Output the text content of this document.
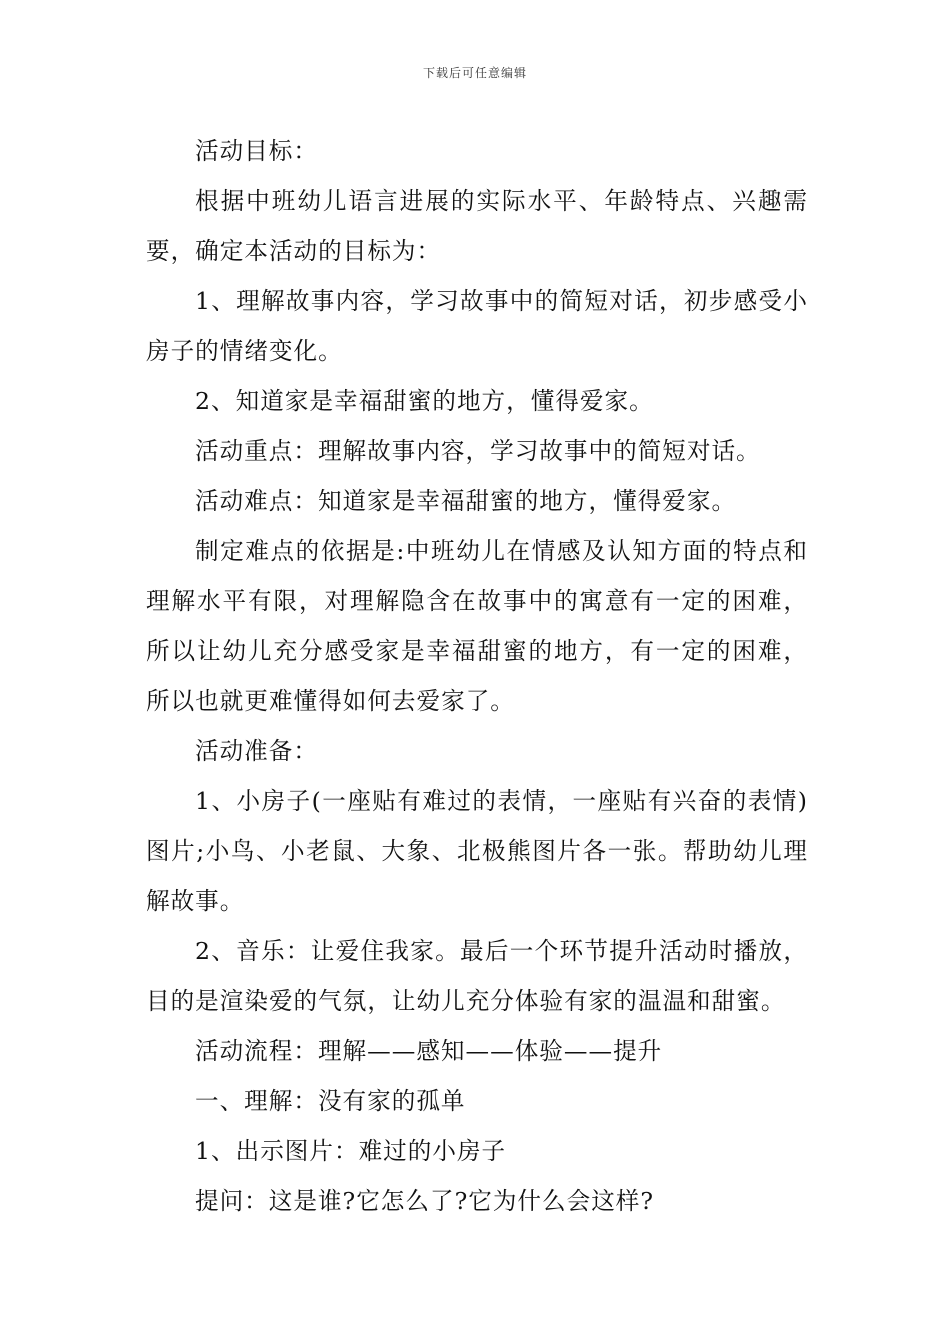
下载后可任意编辑

活动目标：

根据中班幼儿语言进展的实际水平、年龄特点、兴趣需要，确定本活动的目标为：

1、理解故事内容，学习故事中的简短对话，初步感受小房子的情绪变化。

2、知道家是幸福甜蜜的地方，懂得爱家。

活动重点：理解故事内容，学习故事中的简短对话。

活动难点：知道家是幸福甜蜜的地方，懂得爱家。

制定难点的依据是:中班幼儿在情感及认知方面的特点和理解水平有限，对理解隐含在故事中的寓意有一定的困难，所以让幼儿充分感受家是幸福甜蜜的地方，有一定的困难，所以也就更难懂得如何去爱家了。

活动准备：

1、小房子(一座贴有难过的表情，一座贴有兴奋的表情)图片;小鸟、小老鼠、大象、北极熊图片各一张。帮助幼儿理解故事。

2、音乐：让爱住我家。最后一个环节提升活动时播放，目的是渲染爱的气氛，让幼儿充分体验有家的温温和甜蜜。

活动流程：理解——感知——体验——提升

一、理解：没有家的孤单

1、出示图片：难过的小房子

提问：这是谁?它怎么了?它为什么会这样?
